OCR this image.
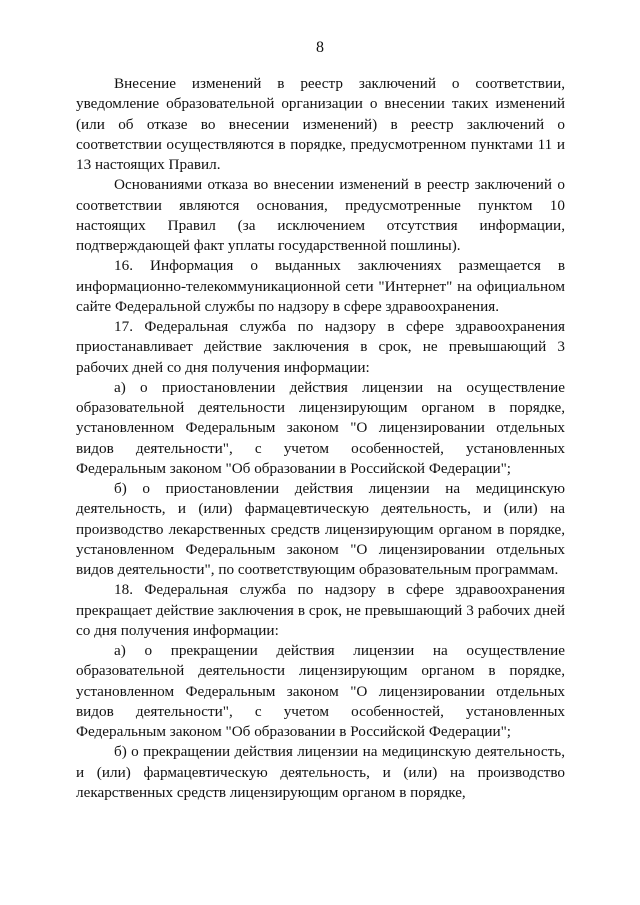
8

Внесение изменений в реестр заключений о соответствии, уведомление образовательной организации о внесении таких изменений (или об отказе во внесении изменений) в реестр заключений о соответствии осуществляются в порядке, предусмотренном пунктами 11 и 13 настоящих Правил.

Основаниями отказа во внесении изменений в реестр заключений о соответствии являются основания, предусмотренные пунктом 10 настоящих Правил (за исключением отсутствия информации, подтверждающей факт уплаты государственной пошлины).

16. Информация о выданных заключениях размещается в информационно-телекоммуникационной сети "Интернет" на официальном сайте Федеральной службы по надзору в сфере здравоохранения.

17. Федеральная служба по надзору в сфере здравоохранения приостанавливает действие заключения в срок, не превышающий 3 рабочих дней со дня получения информации:

а) о приостановлении действия лицензии на осуществление образовательной деятельности лицензирующим органом в порядке, установленном Федеральным законом "О лицензировании отдельных видов деятельности", с учетом особенностей, установленных Федеральным законом "Об образовании в Российской Федерации";

б) о приостановлении действия лицензии на медицинскую деятельность, и (или) фармацевтическую деятельность, и (или) на производство лекарственных средств лицензирующим органом в порядке, установленном Федеральным законом "О лицензировании отдельных видов деятельности", по соответствующим образовательным программам.

18. Федеральная служба по надзору в сфере здравоохранения прекращает действие заключения в срок, не превышающий 3 рабочих дней со дня получения информации:

а) о прекращении действия лицензии на осуществление образовательной деятельности лицензирующим органом в порядке, установленном Федеральным законом "О лицензировании отдельных видов деятельности", с учетом особенностей, установленных Федеральным законом "Об образовании в Российской Федерации";

б) о прекращении действия лицензии на медицинскую деятельность, и (или) фармацевтическую деятельность, и (или) на производство лекарственных средств лицензирующим органом в порядке,
